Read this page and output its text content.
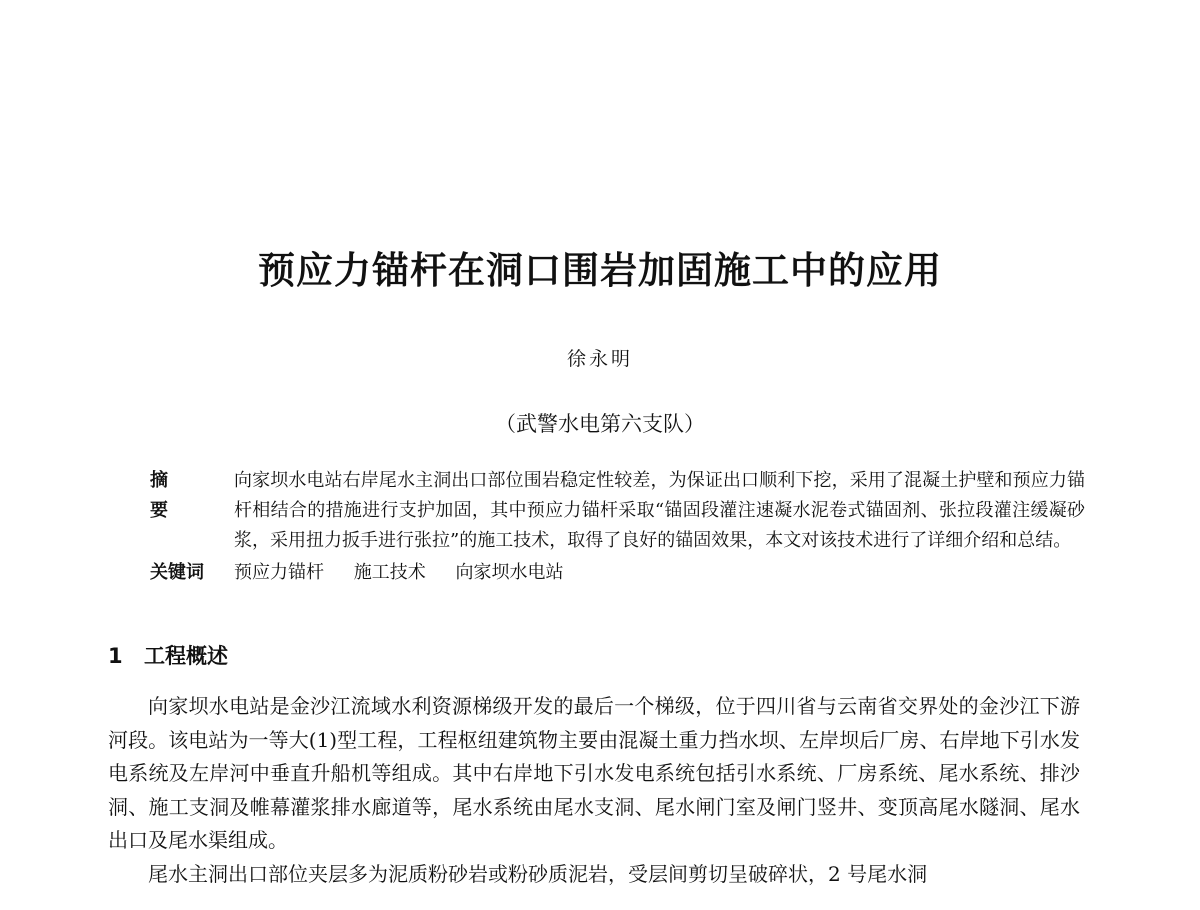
预应力锚杆在洞口围岩加固施工中的应用
徐永明
（武警水电第六支队）
摘 要
向家坝水电站右岸尾水主洞出口部位围岩稳定性较差，为保证出口顺利下挖，采用了混凝土护壁和预应力锚杆相结合的措施进行支护加固，其中预应力锚杆采取“锚固段灌注速凝水泥卷式锚固剂、张拉段灌注缓凝砂浆，采用扭力扳手进行张拉”的施工技术，取得了良好的锚固效果，本文对该技术进行了详细介绍和总结。
关键词	预应力锚杆 施工技术 向家坝水电站
1 工程概述

向家坝水电站是金沙江流域水利资源梯级开发的最后一个梯级，位于四川省与云南省交界处的金沙江下游河段。该电站为一等大(1)型工程，工程枢纽建筑物主要由混凝土重力挡水坝、左岸坝后厂房、右岸地下引水发电系统及左岸河中垂直升船机等组成。其中右岸地下引水发电系统包括引水系统、厂房系统、尾水系统、排沙洞、施工支洞及帷幕灌浆排水廊道等，尾水系统由尾水支洞、尾水闸门室及闸门竖井、变顶高尾水隧洞、尾水出口及尾水渠组成。

尾水主洞出口部位夹层多为泥质粉砂岩或粉砂质泥岩，受层间剪切呈破碎状，2 号尾水洞
